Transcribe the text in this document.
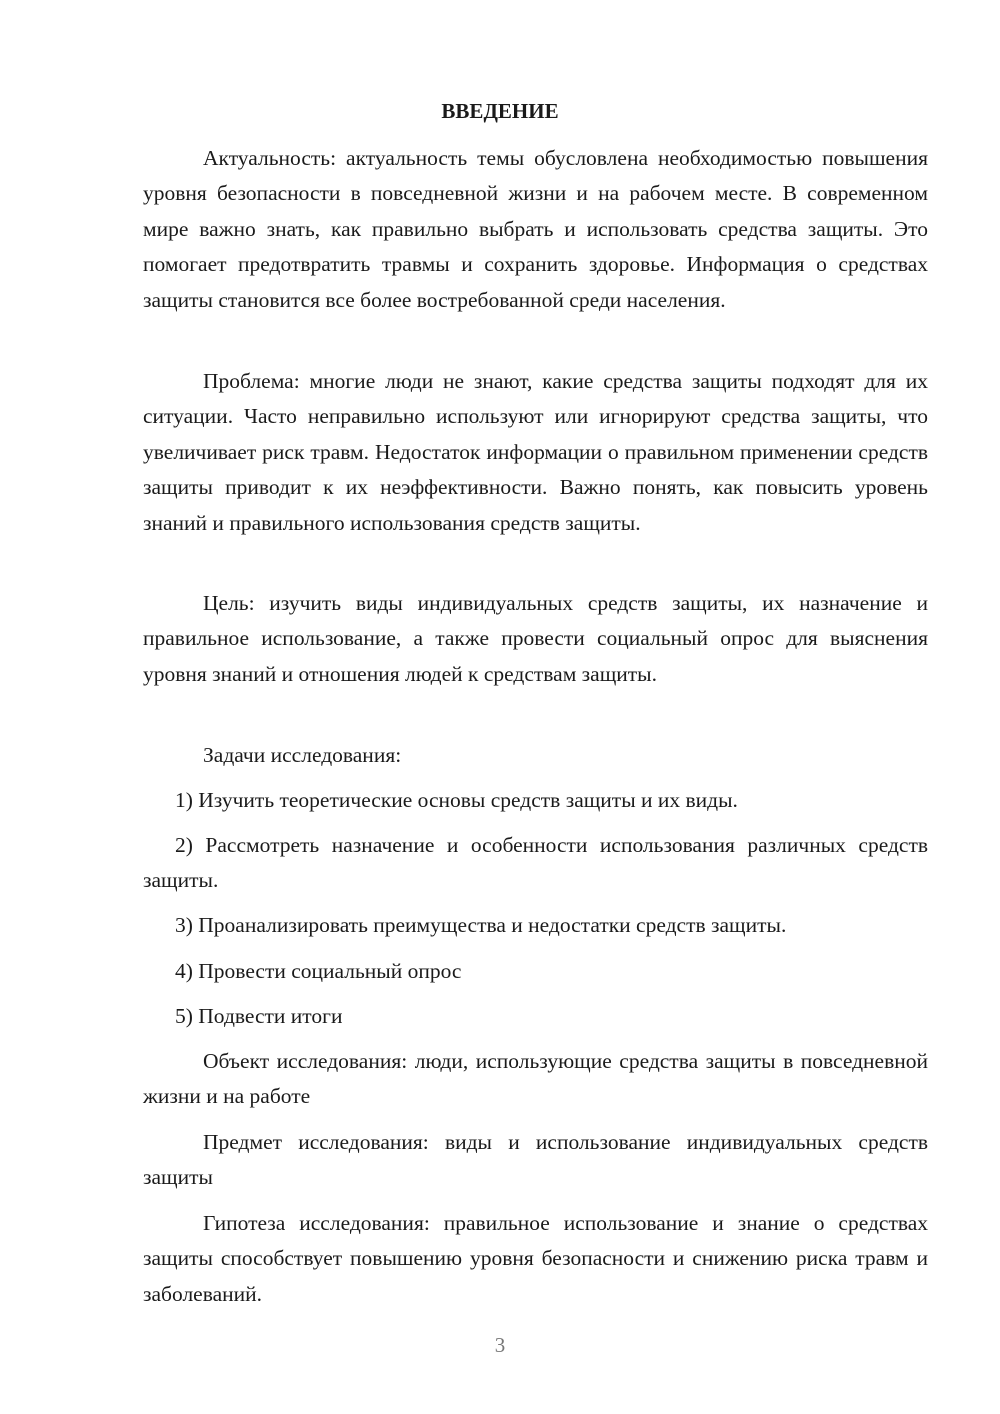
ВВЕДЕНИЕ

Актуальность: актуальность темы обусловлена необходимостью повышения уровня безопасности в повседневной жизни и на рабочем месте. В современном мире важно знать, как правильно выбрать и использовать средства защиты. Это помогает предотвратить травмы и сохранить здоровье. Информация о средствах защиты становится все более востребованной среди населения.

Проблема: многие люди не знают, какие средства защиты подходят для их ситуации. Часто неправильно используют или игнорируют средства защиты, что увеличивает риск травм. Недостаток информации о правильном применении средств защиты приводит к их неэффективности. Важно понять, как повысить уровень знаний и правильного использования средств защиты.

Цель: изучить виды индивидуальных средств защиты, их назначение и правильное использование, а также провести социальный опрос для выяснения уровня знаний и отношения людей к средствам защиты.

Задачи исследования:

1) Изучить теоретические основы средств защиты и их виды.

2) Рассмотреть назначение и особенности использования различных средств защиты.

3) Проанализировать преимущества и недостатки средств защиты.

4) Провести социальный опрос

5) Подвести итоги

Объект исследования: люди, использующие средства защиты в повседневной жизни и на работе

Предмет исследования: виды и использование индивидуальных средств защиты

Гипотеза исследования: правильное использование и знание о средствах защиты способствует повышению уровня безопасности и снижению риска травм и заболеваний.

3
